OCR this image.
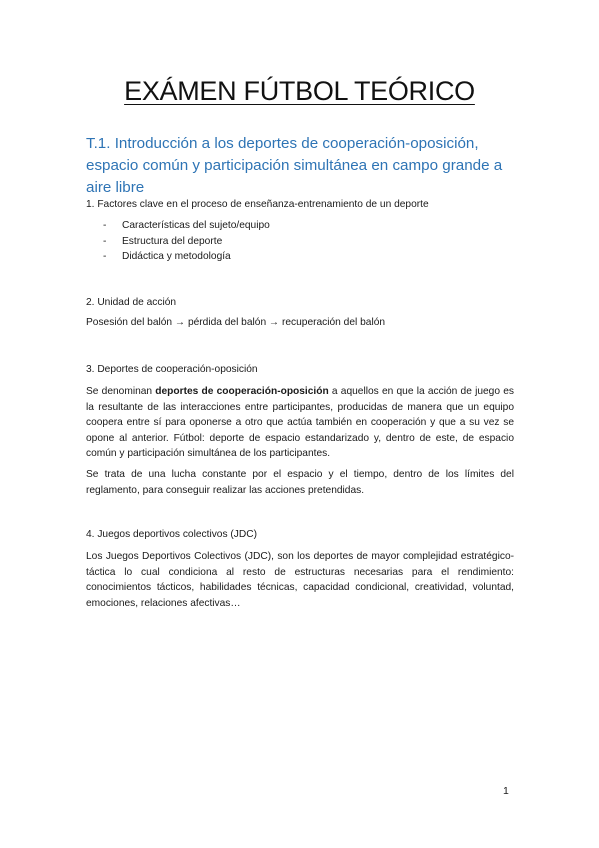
EXÁMEN FÚTBOL TEÓRICO
T.1. Introducción a los deportes de cooperación-oposición, espacio común y participación simultánea en campo grande a aire libre
1. Factores clave en el proceso de enseñanza-entrenamiento de un deporte
- Características del sujeto/equipo
- Estructura del deporte
- Didáctica y metodología
2. Unidad de acción
Posesión del balón → pérdida del balón → recuperación del balón
3. Deportes de cooperación-oposición

Se denominan deportes de cooperación-oposición a aquellos en que la acción de juego es la resultante de las interacciones entre participantes, producidas de manera que un equipo coopera entre sí para oponerse a otro que actúa también en cooperación y que a su vez se opone al anterior. Fútbol: deporte de espacio estandarizado y, dentro de este, de espacio común y participación simultánea de los participantes.

Se trata de una lucha constante por el espacio y el tiempo, dentro de los límites del reglamento, para conseguir realizar las acciones pretendidas.

4. Juegos deportivos colectivos (JDC)

Los Juegos Deportivos Colectivos (JDC), son los deportes de mayor complejidad estratégico-táctica lo cual condiciona al resto de estructuras necesarias para el rendimiento: conocimientos tácticos, habilidades técnicas, capacidad condicional, creatividad, voluntad, emociones, relaciones afectivas…

1
